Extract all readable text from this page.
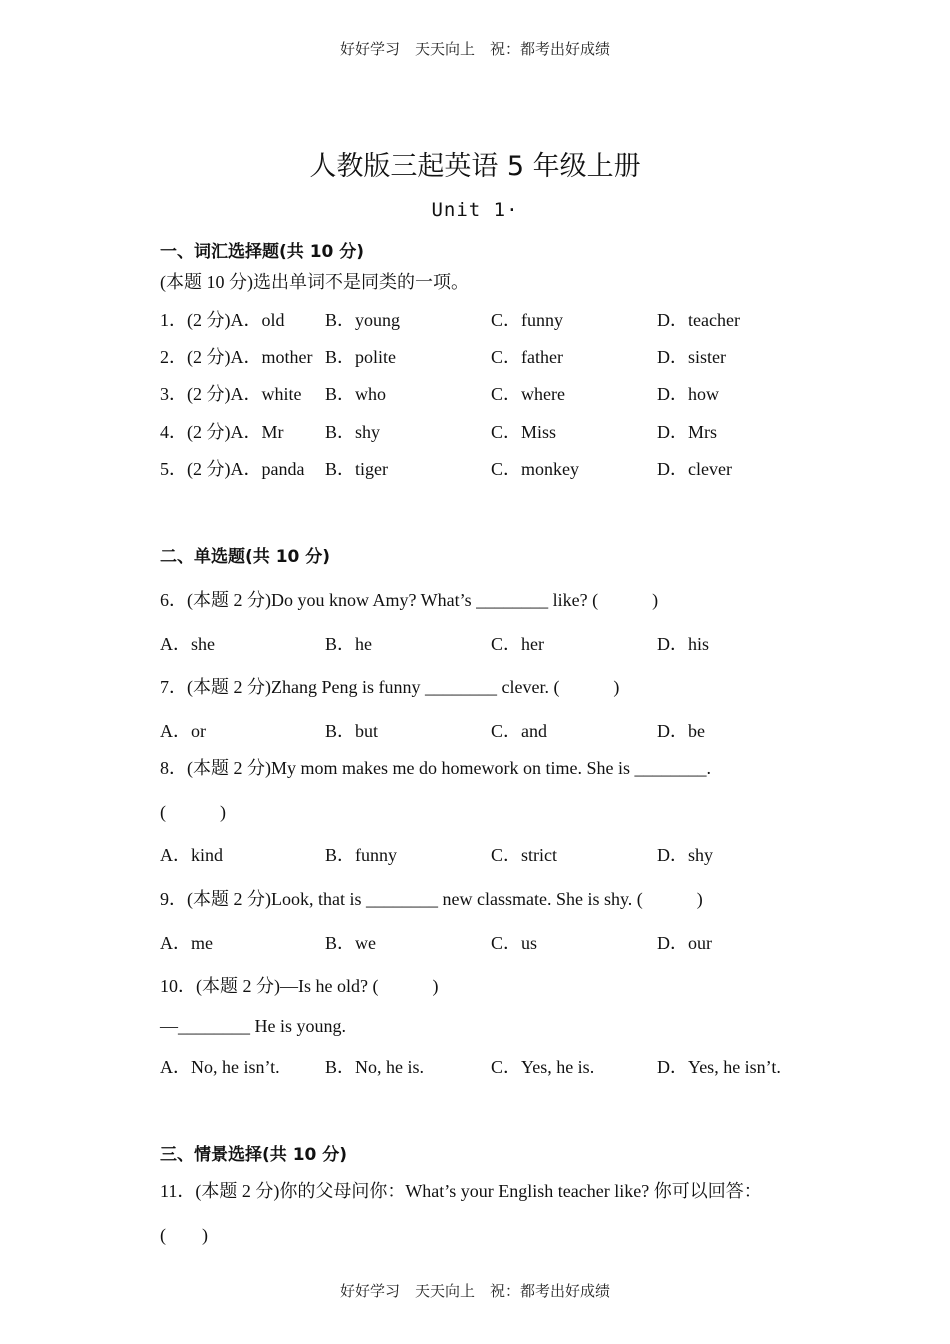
好好学习　天天向上　祝：都考出好成绩
人教版三起英语 5 年级上册
Unit 1·
一、词汇选择题(共 10 分)
(本题 10 分)选出单词不是同类的一项。
1．(2 分)A．old B．young	C．funny	D．teacher
2．(2 分)A．mother B．polite	C．father	D．sister
3．(2 分)A．white B．who	C．where	D．how
4．(2 分)A．Mr B．shy	C．Miss	D．Mrs
5．(2 分)A．panda B．tiger	C．monkey	D．clever
二、单选题(共 10 分)
6．(本题 2 分)Do you know Amy? What’s ________ like? (　　　)
A．she	B．he	C．her	D．his
7．(本题 2 分)Zhang Peng is funny ________ clever. (　　　)
A．or	B．but	C．and	D．be
8．(本题 2 分)My mom makes me do homework on time. She is ________.
(　　　)
A．kind	B．funny	C．strict	D．shy
9．(本题 2 分)Look, that is ________ new classmate. She is shy. (　　　)
A．me	B．we	C．us	D．our
10．(本题 2 分)—Is he old? (　　　)
—________ He is young.
A．No, he isn’t.	B．No, he is.	C．Yes, he is.	D．Yes, he isn’t.
三、情景选择(共 10 分)
11．(本题 2 分)你的父母问你：What’s your English teacher like? 你可以回答：
(　　)
好好学习　天天向上　祝：都考出好成绩
